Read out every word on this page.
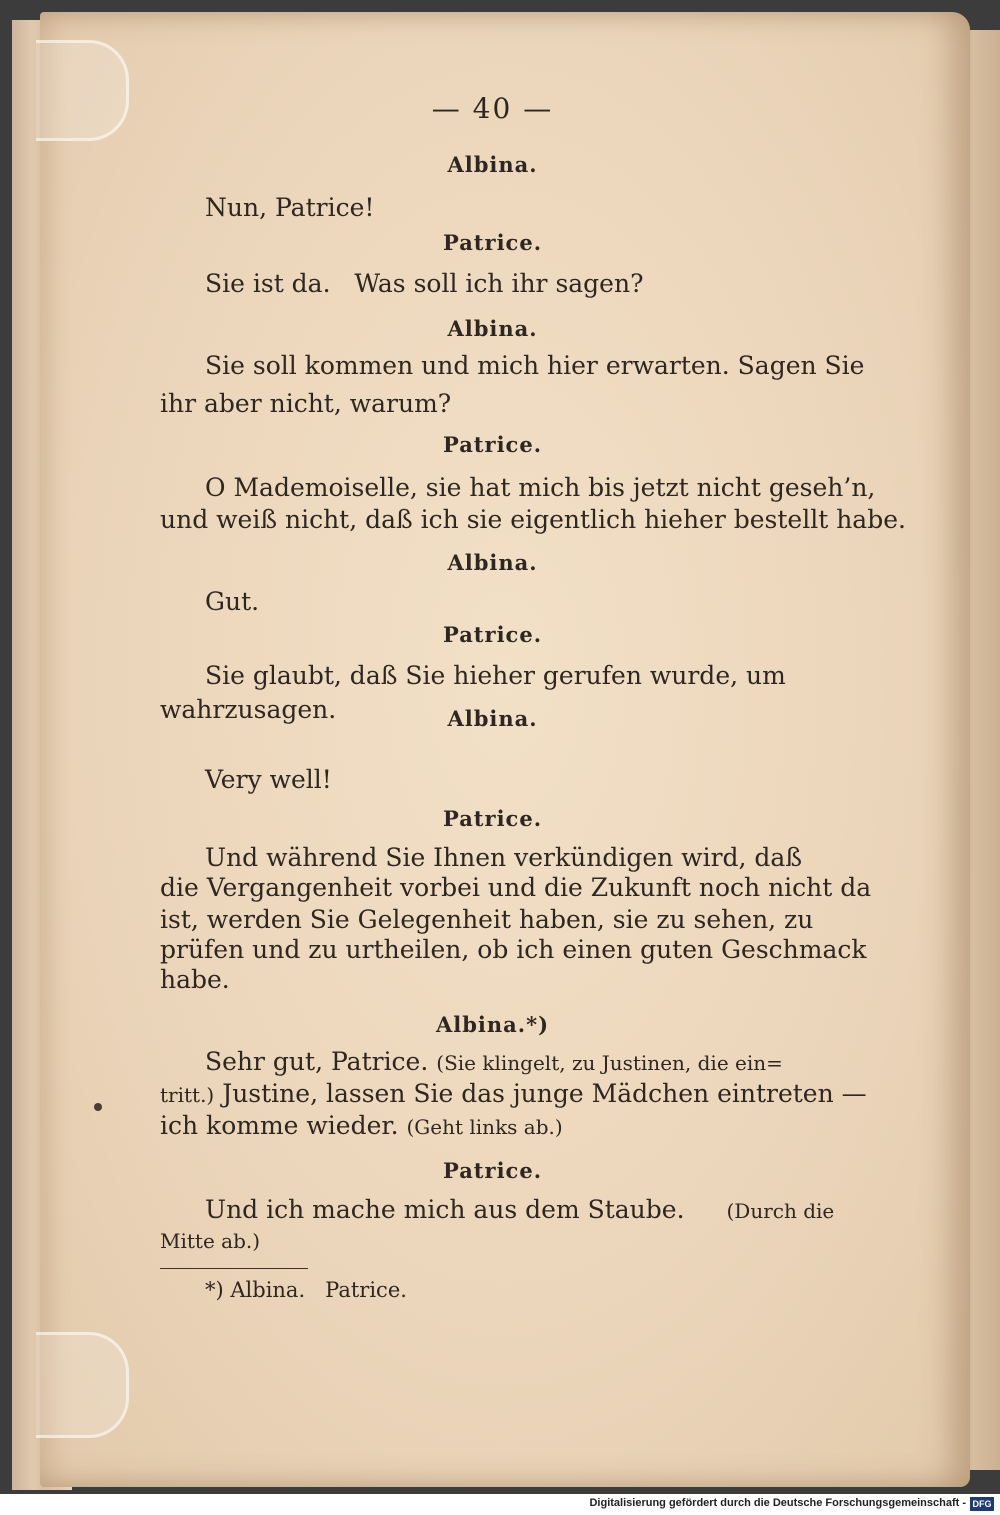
— 40 —
Albina.
Nun, Patrice!
Patrice.
Sie ist da.   Was soll ich ihr sagen?
Albina.
Sie soll kommen und mich hier erwarten. Sagen Sie
ihr aber nicht, warum?
Patrice.
O Mademoiselle, sie hat mich bis jetzt nicht geseh’n,
und weiß nicht, daß ich sie eigentlich hieher bestellt habe.
Albina.
Gut.
Patrice.
Sie glaubt, daß Sie hieher gerufen wurde, um
wahrzusagen.	Albina.
Very well!
Patrice.
Und während Sie Ihnen verkündigen wird, daß
die Vergangenheit vorbei und die Zukunft noch nicht da
ist, werden Sie Gelegenheit haben, sie zu sehen, zu
prüfen und zu urtheilen, ob ich einen guten Geschmack
habe.
Albina.*)
Sehr gut, Patrice. (Sie klingelt, zu Justinen, die ein=
tritt.) Justine, lassen Sie das junge Mädchen eintreten —
ich komme wieder. (Geht links ab.)
Patrice.
Und ich mache mich aus dem Staube. (Durch die
Mitte ab.)
*) Albina.   Patrice.
Digitalisierung gefördert durch die Deutsche Forschungsgemeinschaft - DFG
